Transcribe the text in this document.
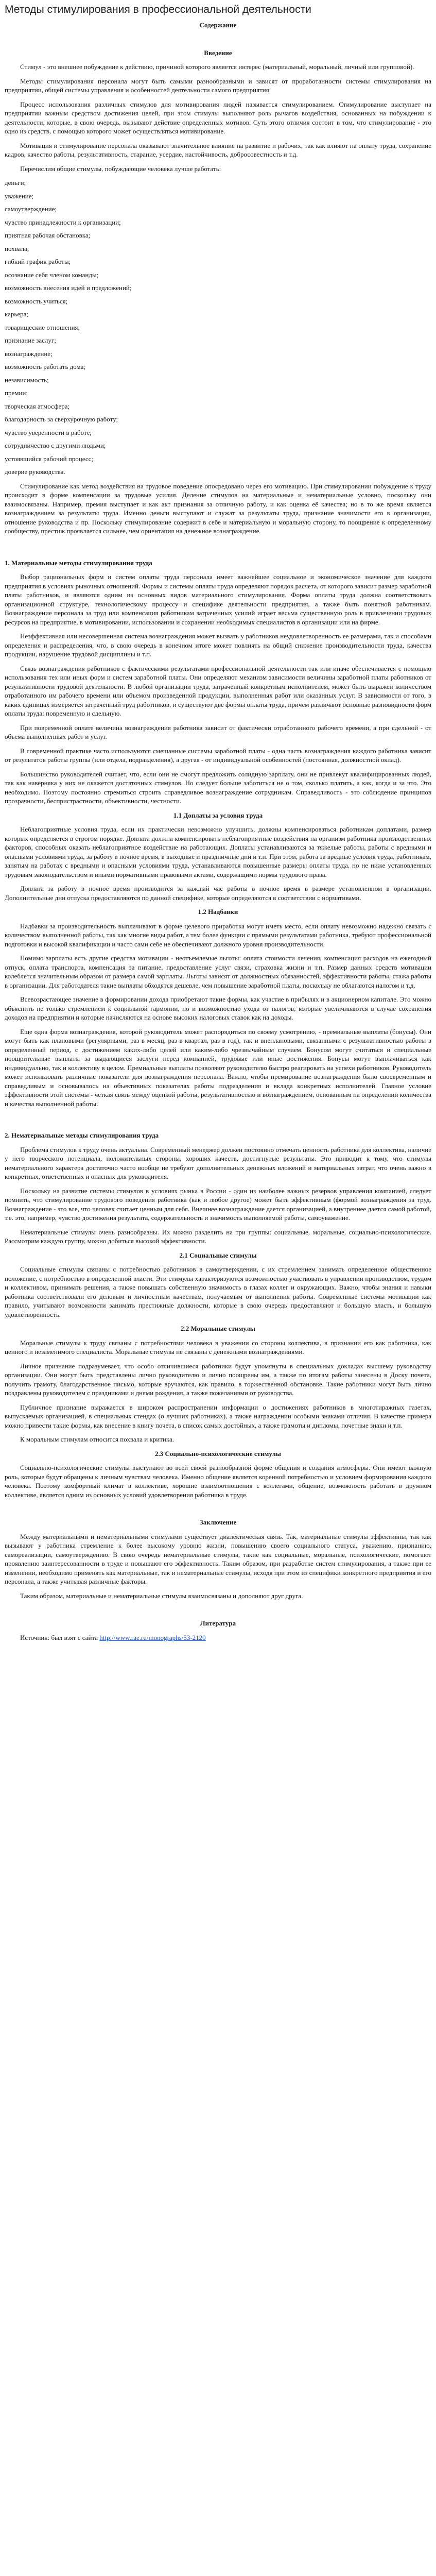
Методы стимулирования в профессиональной деятельности
Содержание
Введение

Стимул - это внешнее побуждение к действию, причиной которого является интерес (материальный, моральный, личный или групповой).

Методы стимулирования персонала могут быть самыми разнообразными и зависят от проработанности системы стимулирования на предприятии, общей системы управления и особенностей деятельности самого предприятия.

Процесс использования различных стимулов для мотивирования людей называется стимулированием. Стимулирование выступает на предприятии важным средством достижения целей, при этом стимулы выполняют роль рычагов воздействия, основанных на побуждении к деятельности, которые, в свою очередь, вызывают действие определенных мотивов. Суть этого отличия состоит в том, что стимулирование - это одно из средств, с помощью которого может осуществляться мотивирование.

Мотивация и стимулирование персонала оказывают значительное влияние на развитие и рабочих, так как влияют на оплату труда, сохранение кадров, качество работы, результативность, старание, усердие, настойчивость, добросовестность и т.д.

Перечислим общие стимулы, побуждающие человека лучше работать:

деньги;
уважение;
самоутверждение;
чувство принадлежности к организации;
приятная рабочая обстановка;
похвала;
гибкий график работы;
осознание себя членом команды;
возможность внесения идей и предложений;
возможность учиться;
карьера;
товарищеские отношения;
признание заслуг;
вознаграждение;
возможность работать дома;
независимость;
премии;
творческая атмосфера;
благодарность за сверхурочную работу;
чувство уверенности в работе;
сотрудничество с другими людьми;
устоявшийся рабочий процесс;
доверие руководства.

Стимулирование как метод воздействия на трудовое поведение опосредовано через его мотивацию. При стимулировании побуждение к труду происходит в форме компенсации за трудовые усилия. Деление стимулов на материальные и нематериальные условно, поскольку они взаимосвязаны. Например, премия выступает и как акт признания за отличную работу, и как оценка её качества; но в то же время является вознаграждением за результаты труда. Именно деньги выступают и служат за результаты труда, признание значимости его в организации, отношение руководства и пр. Поскольку стимулирование содержит в себе и материальную и моральную сторону, то поощрение к определенному сообществу, престиж проявляется сильнее, чем ориентация на денежное вознаграждение.

1. Материальные методы стимулирования труда

Выбор рациональных форм и систем оплаты труда персонала имеет важнейшее социальное и экономическое значение для каждого предприятия в условиях рыночных отношений. Формы и системы оплаты труда определяют порядок расчета, от которого зависит размер заработной платы работников, и являются одним из основных видов материального стимулирования. Форма оплаты труда должна соответствовать организационной структуре, технологическому процессу и специфике деятельности предприятия, а также быть понятной работникам. Вознаграждение персонала за труд или компенсация работникам затраченных усилий играет весьма существенную роль в привлечении трудовых ресурсов на предприятие, в мотивировании, использовании и сохранении необходимых специалистов в организации или на фирме.

Неэффективная или несовершенная система вознаграждения может вызвать у работников неудовлетворенность ее размерами, так и способами определения и распределения, что, в свою очередь в конечном итоге может повлиять на общий снижение производительности труда, качества продукции, нарушение трудовой дисциплины и т.п.

Связь вознаграждения работников с фактическими результатами профессиональной деятельности так или иначе обеспечивается с помощью использования тех или иных форм и систем заработной платы. Они определяют механизм зависимости величины заработной платы работников от результативности трудовой деятельности. В любой организации труда, затраченный конкретным исполнителем, может быть выражен количеством отработанного им рабочего времени или объемом произведенной продукции, выполненных работ или оказанных услуг. В зависимости от того, в каких единицах измеряется затраченный труд работников, и существуют две формы оплаты труда, причем различают основные разновидности форм оплаты труда: повременную и сдельную.

При повременной оплате величина вознаграждения работника зависит от фактически отработанного рабочего времени, а при сдельной - от объема выполненных работ и услуг.

В современной практике часто используются смешанные системы заработной платы - одна часть вознаграждения каждого работника зависит от результатов работы группы (или отдела, подразделения), а другая - от индивидуальной особенностей (постоянная, должностной оклад).

Большинство руководителей считает, что, если они не смогут предложить солидную зарплату, они не привлекут квалифицированных людей, так как наверняка у них не окажется достаточных стимулов. Но следует больше заботиться не о том, сколько платить, а как, когда и за что. Это необходимо. Поэтому постоянно стремиться строить справедливое вознаграждение сотрудникам. Справедливость - это соблюдение принципов прозрачности, беспристрастности, объективности, честности.

1.1 Доплаты за условия труда

Неблагоприятные условия труда, если их практически невозможно улучшить, должны компенсироваться работникам доплатами, размер которых определяется в строгом порядке. Доплата должна компенсировать неблагоприятные воздействия на организм работника производственных факторов, способных оказать неблагоприятное воздействие на работающих. Доплаты устанавливаются за тяжелые работы, работы с вредными и опасными условиями труда, за работу в ночное время, в выходные и праздничные дни и т.п. При этом, работа за вредные условия труда, работникам, занятым на работах с вредными и опасными условиями труда, устанавливаются повышенные размеры оплаты труда, но не ниже установленных трудовым законодательством и иными нормативными правовыми актами, содержащими нормы трудового права.

Доплата за работу в ночное время производится за каждый час работы в ночное время в размере установленном в организации. Дополнительные дни отпуска предоставляются по данной специфике, которые определяются в соответствии с нормативами.

1.2 Надбавки

Надбавки за производительность выплачивают в форме целевого приработка могут иметь место, если оплату невозможно надежно связать с количеством выполненной работы, так как многие виды работ, а тем более функции с прямыми результатами работника, требуют профессиональной подготовки и высокой квалификации и часто сами себе не обеспечивают должного уровня производительности.

Помимо зарплаты есть другие средства мотивации - неотъемлемые льготы: оплата стоимости лечения, компенсация расходов на ежегодный отпуск, оплата транспорта, компенсация за питание, предоставление услуг связи, страховка жизни и т.п. Размер данных средств мотивации колеблется значительным образом от размера самой зарплаты. Льготы зависят от должностных обязанностей, эффективности работы, стажа работы в организации. Для работодателя такие выплаты обходятся дешевле, чем повышение заработной платы, поскольку не облагаются налогом и т.д.

Всевозрастающее значение в формировании дохода приобретают такие формы, как участие в прибылях и в акционерном капитале. Это можно объяснить не только стремлением к социальной гармонии, но и возможностью ухода от налогов, которые увеличиваются в случае сохранения доходов на предприятии и которые начисляются на основе высоких налоговых ставок как на доходы.

Еще одна форма вознаграждения, которой руководитель может распорядиться по своему усмотрению, - премиальные выплаты (бонусы). Они могут быть как плановыми (регулярными, раз в месяц, раз в квартал, раз в год), так и внеплановыми, связанными с результативностью работы в определенный период, с достижением каких-либо целей или каким-либо чрезвычайным случаем. Бонусом могут считаться и специальные поощрительные выплаты за выдающиеся заслуги перед компанией, трудовые или иные достижения. Бонусы могут выплачиваться как индивидуально, так и коллективу в целом. Премиальные выплаты позволяют руководителю быстро реагировать на успехи работников. Руководитель может использовать различные показатели для вознаграждения персонала. Важно, чтобы премирование вознаграждения было своевременным и справедливым и основывалось на объективных показателях работы подразделения и вклада конкретных исполнителей. Главное условие эффективности этой системы - четкая связь между оценкой работы, результативностью и вознаграждением, основанным на определении количества и качества выполненной работы.

2. Нематериальные методы стимулирования труда

Проблема стимулов к труду очень актуальна. Современный менеджер должен постоянно отмечать ценность работника для коллектива, наличие у него творческого потенциала, положительных стороны, хороших качеств, достигнутые результаты. Это приводит к тому, что стимулы нематериального характера достаточно часто вообще не требуют дополнительных денежных вложений и материальных затрат, что очень важно в конкретных, ответственных и опасных для руководителя.

Поскольку на развитие системы стимулов в условиях рынка в России - один из наиболее важных резервов управления компанией, следует помнить, что стимулирование трудового поведения работника (как и любое другое) может быть эффективным (формой вознаграждения за труд. Вознаграждение - это все, что человек считает ценным для себя. Внешнее вознаграждение дается организацией, а внутреннее дается самой работой, т.е. это, например, чувство достижения результата, содержательность и значимость выполняемой работы, самоуважение.

Нематериальные стимулы очень разнообразны. Их можно разделить на три группы: социальные, моральные, социально-психологические. Рассмотрим каждую группу, можно добиться высокой эффективности.

2.1 Социальные стимулы

Социальные стимулы связаны с потребностью работников в самоутверждении, с их стремлением занимать определенное общественное положение, с потребностью в определенной власти. Эти стимулы характеризуются возможностью участвовать в управлении производством, трудом и коллективом, принимать решения, а также повышать собственную значимость в глазах коллег и окружающих. Важно, чтобы знания и навыки работника соответствовали его деловым и личностным качествам, получаемым от выполнения работы. Современные системы мотивации как правило, учитывают возможности занимать престижные должности, которые в свою очередь предоставляют и большую власть, и большую удовлетворенность.

2.2 Моральные стимулы

Моральные стимулы к труду связаны с потребностями человека в уважении со стороны коллектива, в признании его как работника, как ценного и незаменимого специалиста. Моральные стимулы не связаны с денежными вознаграждениями.

Личное признание подразумевает, что особо отличившиеся работники будут упомянуты в специальных докладах высшему руководству организации. Они могут быть представлены лично руководителю и лично поощрены им, а также по итогам работы занесены в Доску почета, получить грамоту, благодарственное письмо, которые вручаются, как правило, в торжественной обстановке. Такие работники могут быть лично поздравлены руководителем с праздниками и днями рождения, а также пожеланиями от руководства.

Публичное признание выражается в широком распространении информации о достижениях работников в многотиражных газетах, выпускаемых организацией, в специальных стендах (о лучших работниках), а также награждении особыми знаками отличия. В качестве примера можно привести такие формы, как внесение в книгу почета, в список самых достойных, а также грамоты и дипломы, почетные знаки и т.п.

К моральным стимулам относится похвала и критика.

2.3 Социально-психологические стимулы

Социально-психологические стимулы выступают во всей своей разнообразной форме общения и создания атмосферы. Они имеют важную роль, которые будут обращены к личным чувствам человека. Именно общение является коренной потребностью и условием формирования каждого человека. Поэтому комфортный климат в коллективе, хорошие взаимоотношения с коллегами, общение, возможность работать в дружном коллективе, является одним из основных условий удовлетворения работника в труде.

Заключение

Между материальными и нематериальными стимулами существует диалектическая связь. Так, материальные стимулы эффективны, так как вызывают у работника стремление к более высокому уровню жизни, повышению своего социального статуса, уважению, признанию, самореализации, самоутверждению. В свою очередь нематериальные стимулы, такие как социальные, моральные, психологические, помогают проявлению заинтересованности в труде и повышают его эффективность. Таким образом, при разработке систем стимулирования, а также при ее изменении, необходимо применять как материальные, так и нематериальные стимулы, исходя при этом из специфики конкретного предприятия и его персонала, а также учитывая различные факторы.

Таким образом, материальные и нематериальные стимулы взаимосвязаны и дополняют друг друга.

Литература

Источник: был взят с сайта http://www.rae.ru/monographs/53-2120
